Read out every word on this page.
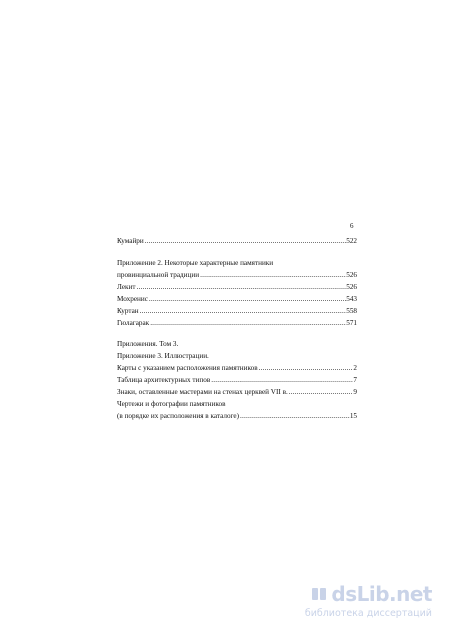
6
Кумайри .....	522
Приложение 2. Некоторые характерные памятники
провинциальной традиции .....	526
Лекит .....	526
Мохренис .....	543
Куртан .....	558
Гюлагарак .....	571
Приложения. Том 3.
Приложение 3. Иллюстрации.
Карты с указанием расположения памятников .....	2
Таблица архитектурных типов .....	7
Знаки, оставленные мастерами на стенах церквей VII в. .....	9
Чертежи и фотографии памятников
(в порядке их расположения в каталоге) .....	15
dsLib.net
библиотека диссертаций
